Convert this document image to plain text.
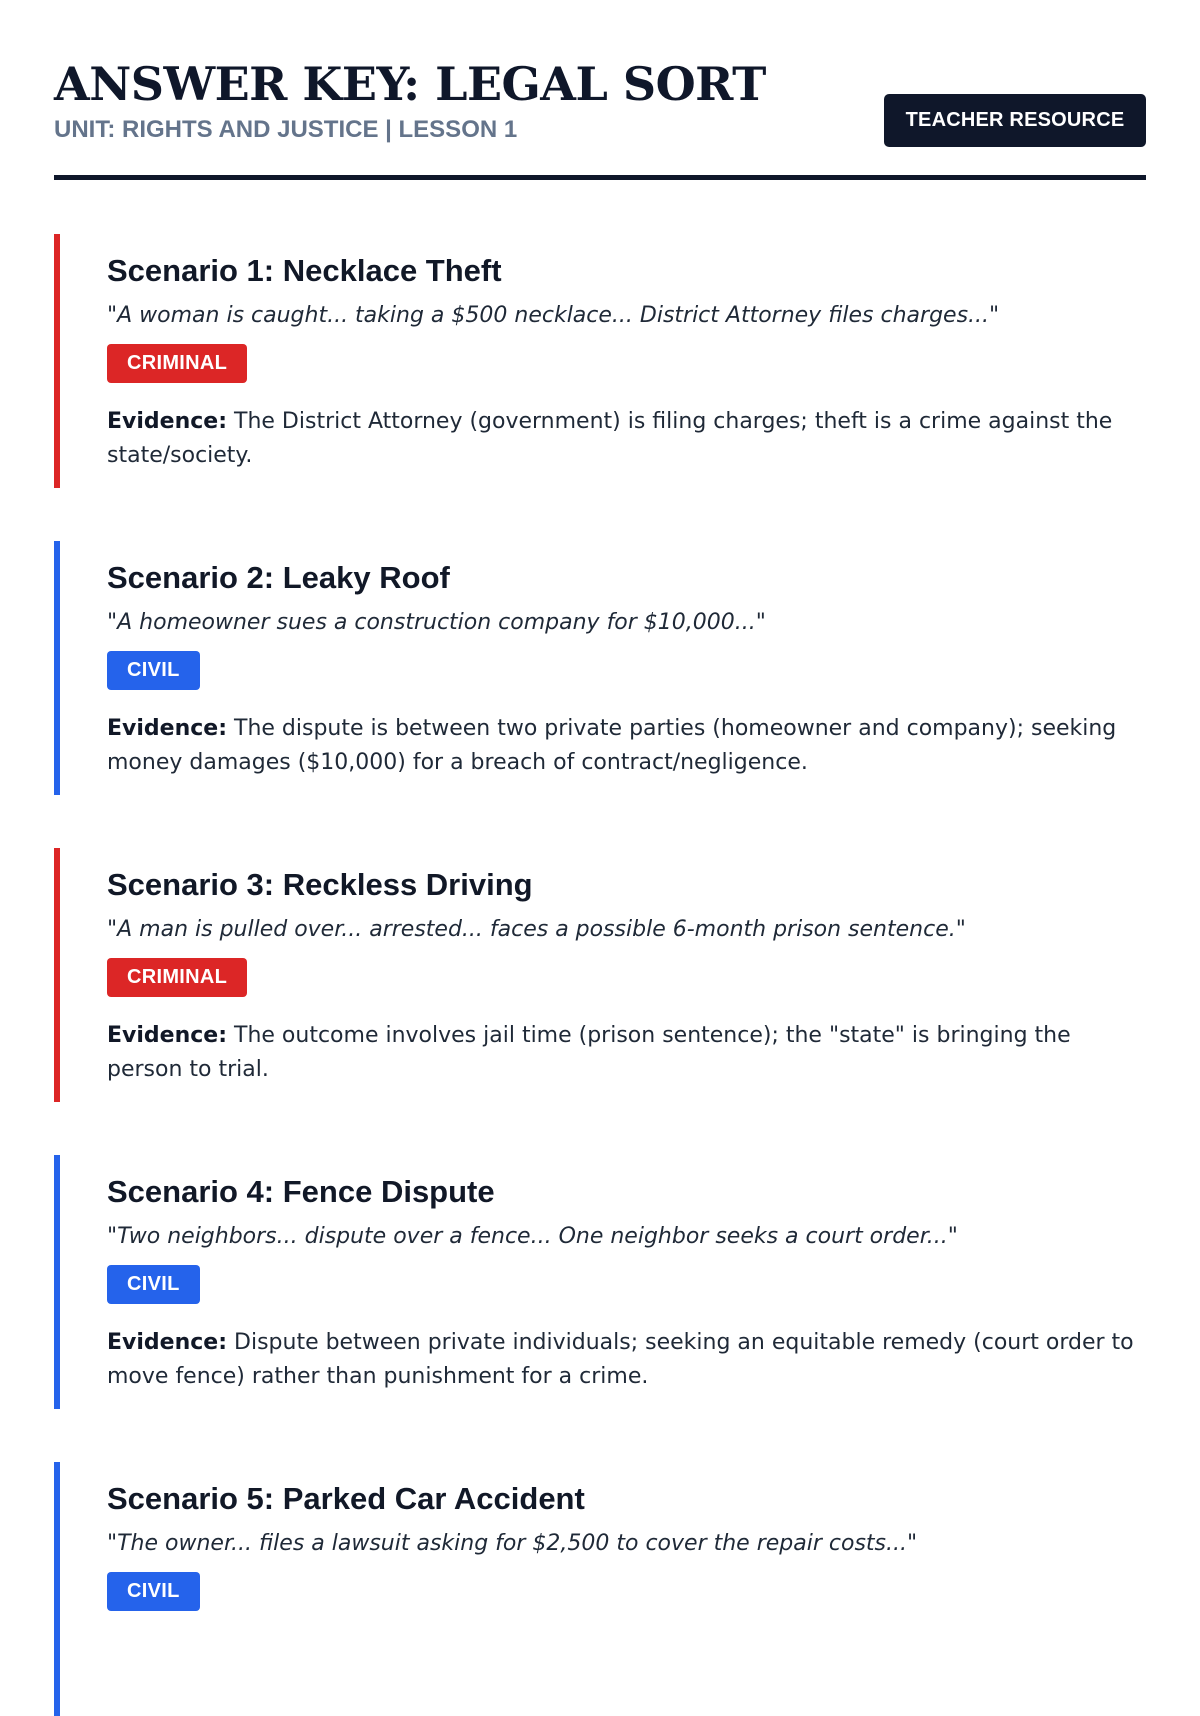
ANSWER KEY: LEGAL SORT
UNIT: RIGHTS AND JUSTICE | LESSON 1	TEACHER RESOURCE
Scenario 1: Necklace Theft
"A woman is caught... taking a $500 necklace... District Attorney files charges..."
CRIMINAL
Evidence: The District Attorney (government) is filing charges; theft is a crime against the state/society.
Scenario 2: Leaky Roof
"A homeowner sues a construction company for $10,000..."
CIVIL
Evidence: The dispute is between two private parties (homeowner and company); seeking money damages ($10,000) for a breach of contract/negligence.
Scenario 3: Reckless Driving
"A man is pulled over... arrested... faces a possible 6-month prison sentence."
CRIMINAL
Evidence: The outcome involves jail time (prison sentence); the "state" is bringing the person to trial.
Scenario 4: Fence Dispute
"Two neighbors... dispute over a fence... One neighbor seeks a court order..."
CIVIL
Evidence: Dispute between private individuals; seeking an equitable remedy (court order to move fence) rather than punishment for a crime.
Scenario 5: Parked Car Accident
"The owner... files a lawsuit asking for $2,500 to cover the repair costs..."
CIVIL
